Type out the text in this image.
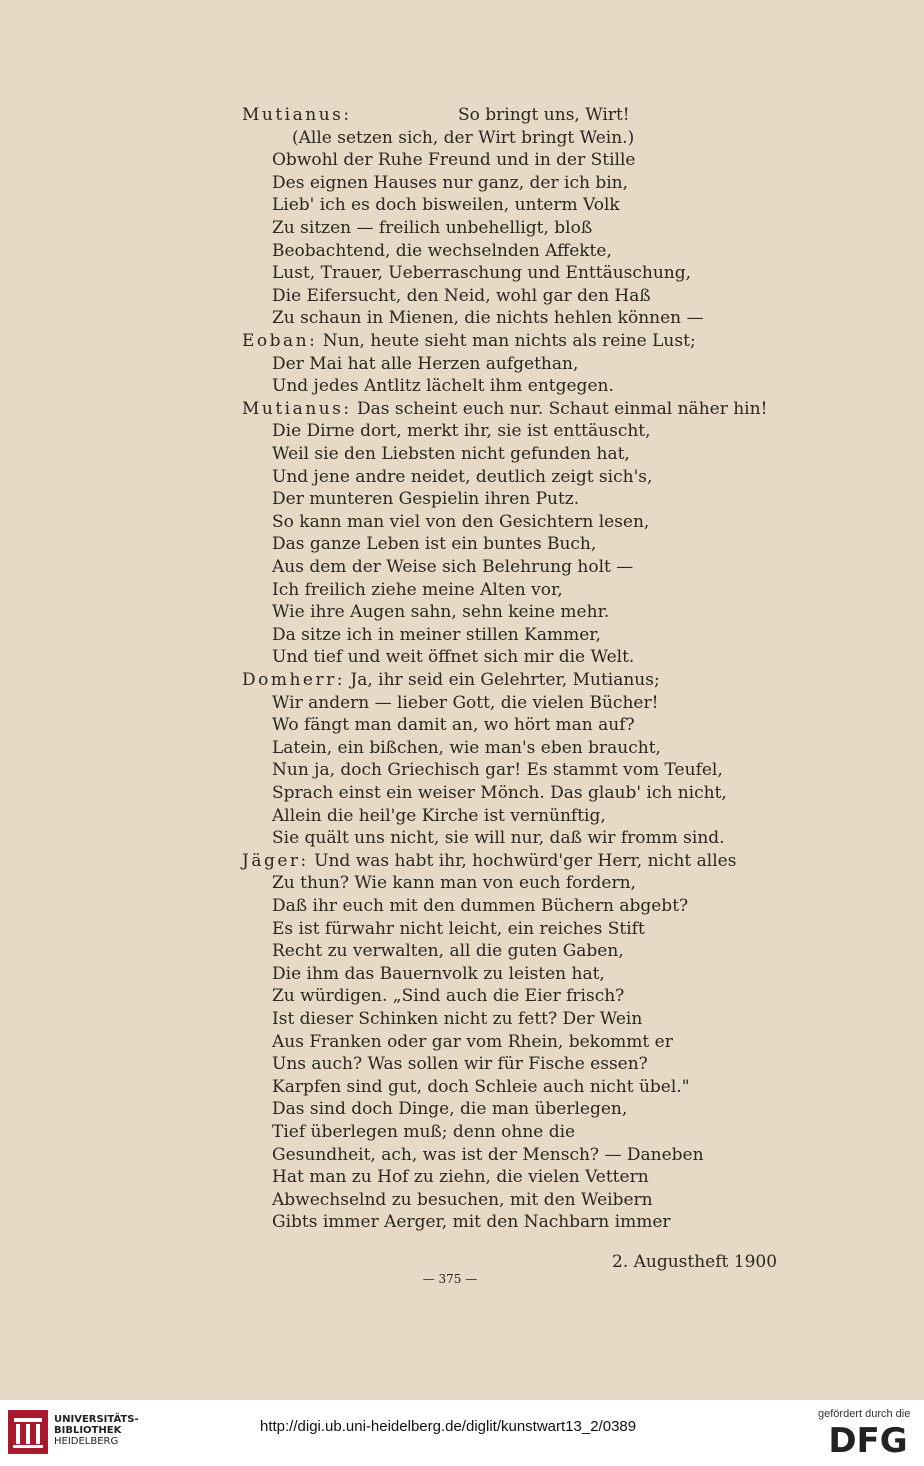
Mutianus:	So bringt uns, Wirt!
(Alle setzen sich, der Wirt bringt Wein.)
Obwohl der Ruhe Freund und in der Stille
Des eignen Hauses nur ganz, der ich bin,
Lieb' ich es doch bisweilen, unterm Volk
Zu sitzen — freilich unbehelligt, bloß
Beobachtend, die wechselnden Affekte,
Lust, Trauer, Ueberraschung und Enttäuschung,
Die Eifersucht, den Neid, wohl gar den Haß
Zu schaun in Mienen, die nichts hehlen können —
Eoban: Nun, heute sieht man nichts als reine Lust;
Der Mai hat alle Herzen aufgethan,
Und jedes Antlitz lächelt ihm entgegen.
Mutianus: Das scheint euch nur. Schaut einmal näher hin!
Die Dirne dort, merkt ihr, sie ist enttäuscht,
Weil sie den Liebsten nicht gefunden hat,
Und jene andre neidet, deutlich zeigt sich's,
Der munteren Gespielin ihren Putz.
So kann man viel von den Gesichtern lesen,
Das ganze Leben ist ein buntes Buch,
Aus dem der Weise sich Belehrung holt —
Ich freilich ziehe meine Alten vor,
Wie ihre Augen sahn, sehn keine mehr.
Da sitze ich in meiner stillen Kammer,
Und tief und weit öffnet sich mir die Welt.
Domherr: Ja, ihr seid ein Gelehrter, Mutianus;
Wir andern — lieber Gott, die vielen Bücher!
Wo fängt man damit an, wo hört man auf?
Latein, ein bißchen, wie man's eben braucht,
Nun ja, doch Griechisch gar! Es stammt vom Teufel,
Sprach einst ein weiser Mönch. Das glaub' ich nicht,
Allein die heil'ge Kirche ist vernünftig,
Sie quält uns nicht, sie will nur, daß wir fromm sind.
Jäger: Und was habt ihr, hochwürd'ger Herr, nicht alles
Zu thun? Wie kann man von euch fordern,
Daß ihr euch mit den dummen Büchern abgebt?
Es ist fürwahr nicht leicht, ein reiches Stift
Recht zu verwalten, all die guten Gaben,
Die ihm das Bauernvolk zu leisten hat,
Zu würdigen. „Sind auch die Eier frisch?
Ist dieser Schinken nicht zu fett? Der Wein
Aus Franken oder gar vom Rhein, bekommt er
Uns auch? Was sollen wir für Fische essen?
Karpfen sind gut, doch Schleie auch nicht übel."
Das sind doch Dinge, die man überlegen,
Tief überlegen muß; denn ohne die
Gesundheit, ach, was ist der Mensch? — Daneben
Hat man zu Hof zu ziehn, die vielen Vettern
Abwechselnd zu besuchen, mit den Weibern
Gibts immer Aerger, mit den Nachbarn immer
2. Augustheft 1900
— 375 —
UNIVERSITÄTS-
BIBLIOTHEK
HEIDELBERG
http://digi.ub.uni-heidelberg.de/diglit/kunstwart13_2/0389
gefördert durch die
DFG
